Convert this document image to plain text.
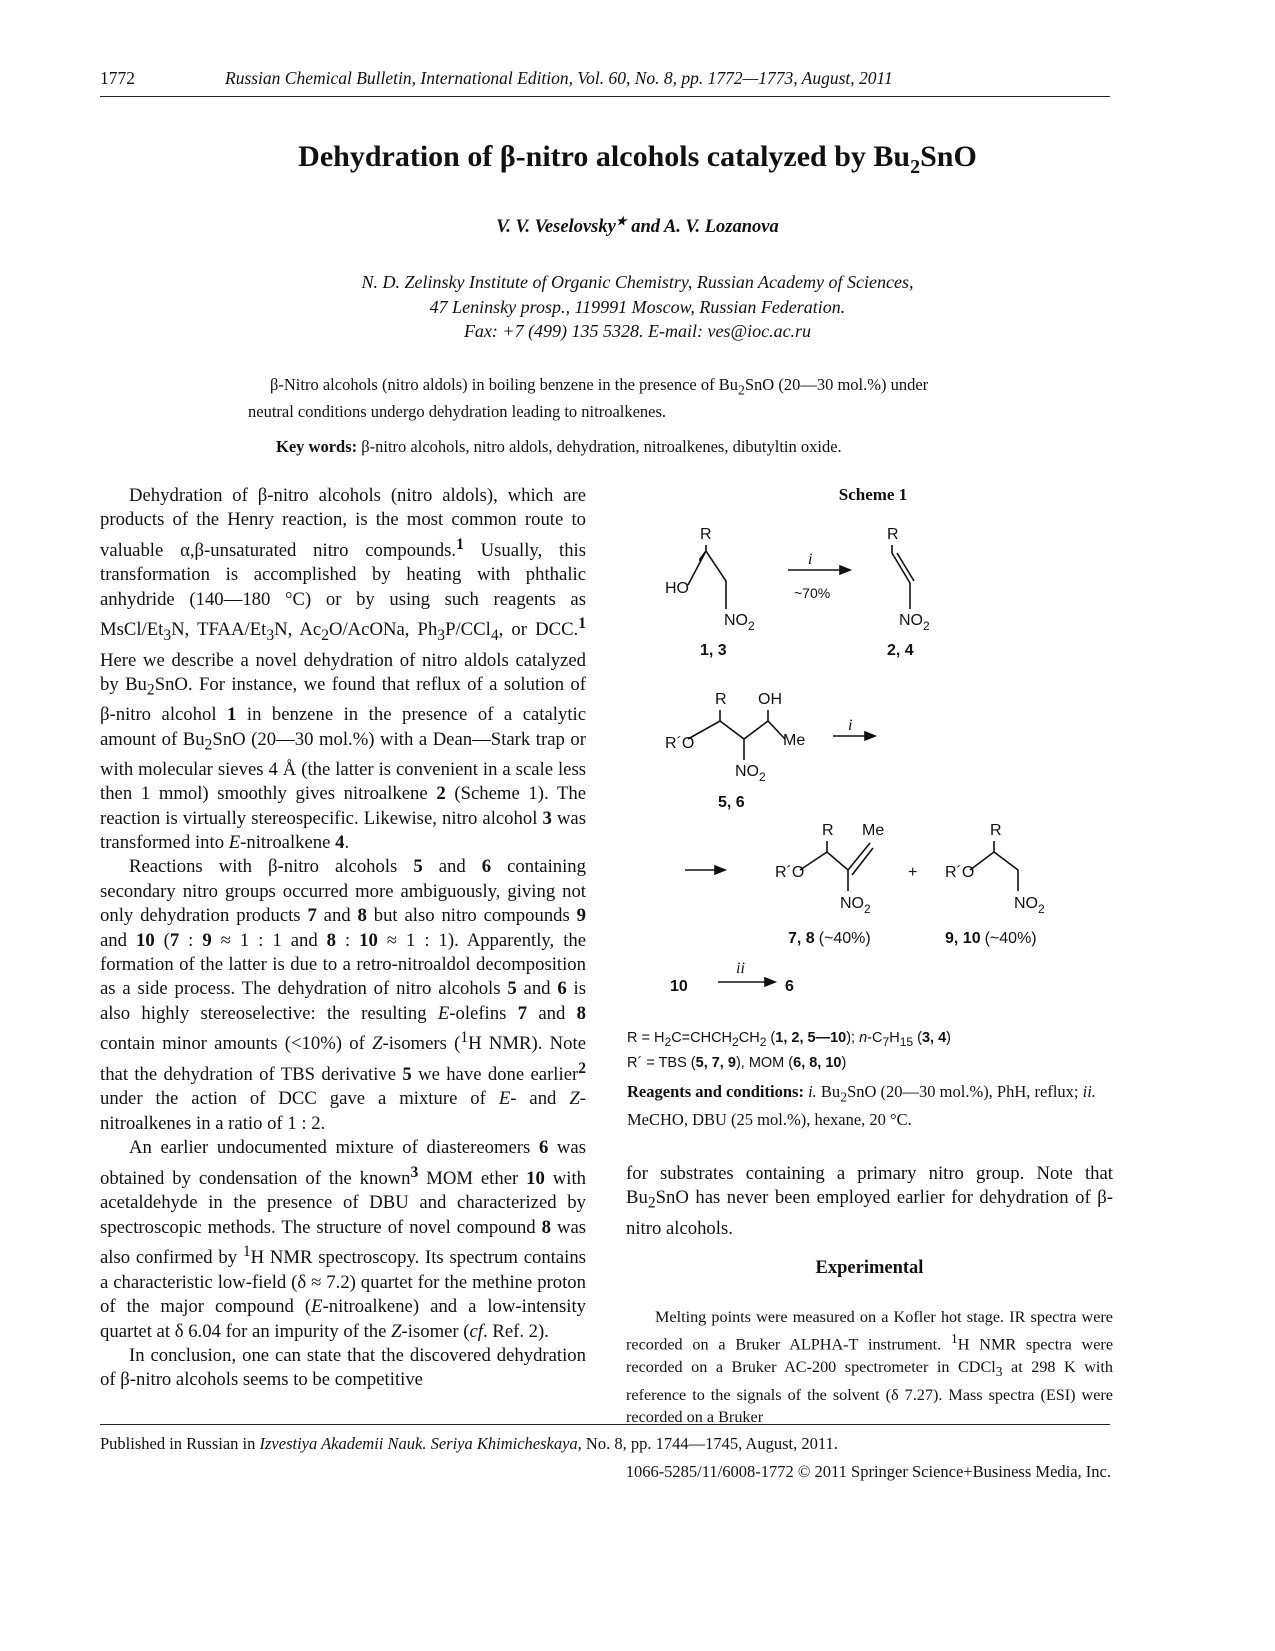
1772	Russian Chemical Bulletin, International Edition, Vol. 60, No. 8, pp. 1772—1773, August, 2011
Dehydration of β-nitro alcohols catalyzed by $Bu_2SnO$
V. V. Veselovsky★ and A. V. Lozanova
N. D. Zelinsky Institute of Organic Chemistry, Russian Academy of Sciences,
47 Leninsky prosp., 119991 Moscow, Russian Federation.
Fax: +7 (499) 135 5328. E-mail: ves@ioc.ac.ru
β-Nitro alcohols (nitro aldols) in boiling benzene in the presence of $Bu_2SnO$ (20—30 mol.%) under neutral conditions undergo dehydration leading to nitroalkenes.
Key words: β-nitro alcohols, nitro aldols, dehydration, nitroalkenes, dibutyltin oxide.

Dehydration of β-nitro alcohols (nitro aldols), which are products of the Henry reaction, is the most common route to valuable α,β-unsaturated nitro compounds.$^1$ Usually, this transformation is accomplished by heating with phthalic anhydride (140—180 °C) or by using such reagents as MsCl/$Et_3N$, TFAA/$Et_3N$, $Ac_2O$/AcONa, $Ph_3P/CCl_4$, or DCC.$^1$ Here we describe a novel dehydration of nitro aldols catalyzed by $Bu_2SnO$. For instance, we found that reflux of a solution of β-nitro alcohol 1 in benzene in the presence of a catalytic amount of $Bu_2SnO$ (20—30 mol.%) with a Dean—Stark trap or with molecular sieves 4 Å (the latter is convenient in a scale less then 1 mmol) smoothly gives nitroalkene 2 (Scheme 1). The reaction is virtually stereospecific. Likewise, nitro alcohol 3 was transformed into E-nitroalkene 4.

Reactions with β-nitro alcohols 5 and 6 containing secondary nitro groups occurred more ambiguously, giving not only dehydration products 7 and 8 but also nitro compounds 9 and 10 (7 : 9 ≈ 1 : 1 and 8 : 10 ≈ 1 : 1). Apparently, the formation of the latter is due to a retro-nitroaldol decomposition as a side process. The dehydration of nitro alcohols 5 and 6 is also highly stereoselective: the resulting E-olefins 7 and 8 contain minor amounts (<10%) of Z-isomers ($^1$H NMR). Note that the dehydration of TBS derivative 5 we have done earlier$^2$ under the action of DCC gave a mixture of E- and Z-nitroalkenes in a ratio of 1 : 2.

An earlier undocumented mixture of diastereomers 6 was obtained by condensation of the known$^3$ MOM ether 10 with acetaldehyde in the presence of DBU and characterized by spectroscopic methods. The structure of novel compound 8 was also confirmed by $^1$H NMR spectroscopy. Its spectrum contains a characteristic low-field (δ ≈ 7.2) quartet for the methine proton of the major compound (E-nitroalkene) and a low-intensity quartet at δ 6.04 for an impurity of the Z-isomer (cf. Ref. 2).

In conclusion, one can state that the discovered dehydration of β-nitro alcohols seems to be competitive

Scheme 1
R
HO
$NO_2$
1, 3
i
~70%
R
$NO_2$
2, 4
R OH
R´O	Me
$NO_2$
5, 6
i
R Me
R´O
$NO_2$
7, 8 (~40%)
+
R
R´O
$NO_2$
9, 10 (~40%)
10
ii
6
$R = H_2C=CHCH_2CH_2$ (1, 2, 5—10); $n-C_7H_{15}$ (3, 4)
R´ = TBS (5, 7, 9), MOM (6, 8, 10)
Reagents and conditions: i. $Bu_2SnO$ (20—30 mol.%), PhH, reflux; ii. MeCHO, DBU (25 mol.%), hexane, 20 °C.

for substrates containing a primary nitro group. Note that $Bu_2SnO$ has never been employed earlier for dehydration of β-nitro alcohols.

Experimental

Melting points were measured on a Kofler hot stage. IR spectra were recorded on a Bruker ALPHA-T instrument. $^1$H NMR spectra were recorded on a Bruker AC-200 spectrometer in CDCl$_3$ at 298 K with reference to the signals of the solvent (δ 7.27). Mass spectra (ESI) were recorded on a Bruker

Published in Russian in Izvestiya Akademii Nauk. Seriya Khimicheskaya, No. 8, pp. 1744—1745, August, 2011.
1066-5285/11/6008-1772 © 2011 Springer Science+Business Media, Inc.
